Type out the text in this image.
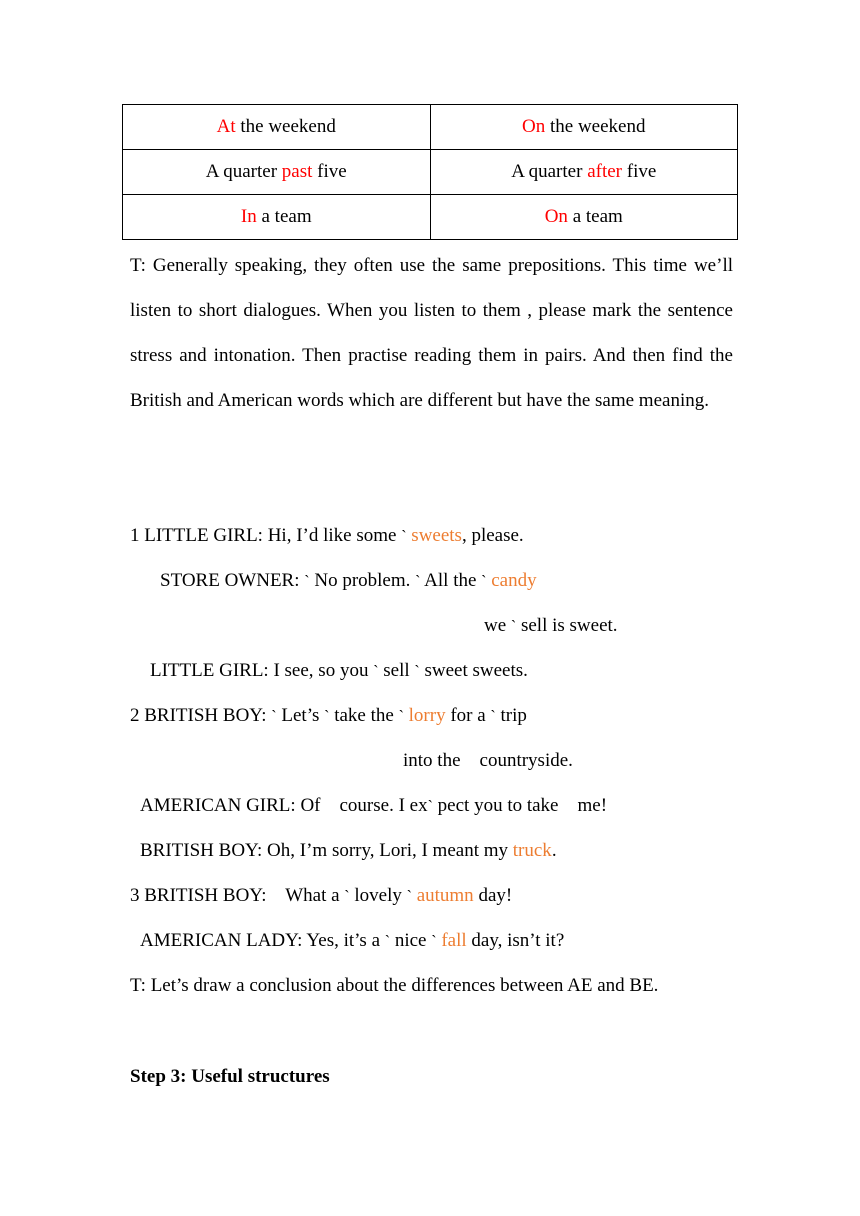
At the weekend	On the weekend
A quarter past five	A quarter after five
In a team	On a team

T: Generally speaking, they often use the same prepositions. This time we’ll listen to short dialogues. When you listen to them , please mark the sentence stress and intonation. Then practise reading them in pairs. And then find the British and American words which are different but have the same meaning.

1 LITTLE GIRL: Hi, I’d like some ˋ sweets, please.
STORE OWNER: ˋ No problem. ˋ All the ˋ candy
we ˋ sell is sweet.
LITTLE GIRL: I see, so you ˋ sell ˋ sweet sweets.
2 BRITISH BOY: ˋ Let’s ˋ take the ˋ lorry for a ˋ trip
into the    countryside.
AMERICAN GIRL: Of    course. I exˋ pect you to take    me!
BRITISH BOY: Oh, I’m sorry, Lori, I meant my truck.
3 BRITISH BOY:    What a ˋ lovely ˋ autumn day!
AMERICAN LADY: Yes, it’s a ˋ nice ˋ fall day, isn’t it?
T: Let’s draw a conclusion about the differences between AE and BE.
Step 3: Useful structures
